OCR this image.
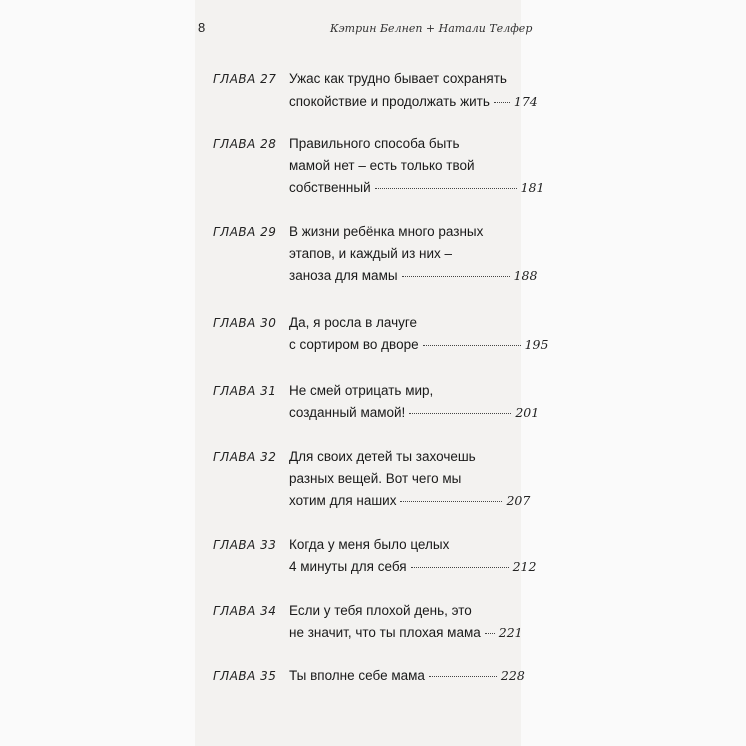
8	Кэтрин Белнеп + Натали Телфер
ГЛАВА 27 Ужас как трудно бывает сохранять
спокойствие и продолжать жить 174
ГЛАВА 28 Правильного способа быть
мамой нет – есть только твой
собственный	181
ГЛАВА 29 В жизни ребёнка много разных
этапов, и каждый из них –
заноза для мамы	188
ГЛАВА 30 Да, я росла в лачуге
с сортиром во дворе	195
ГЛАВА 31 Не смей отрицать мир,
созданный мамой!	201
ГЛАВА 32 Для своих детей ты захочешь
разных вещей. Вот чего мы
хотим для наших	207
ГЛАВА 33 Когда у меня было целых
4 минуты для себя	212
ГЛАВА 34 Если у тебя плохой день, это
не значит, что ты плохая мама 221
ГЛАВА 35 Ты вполне себе мама	228
